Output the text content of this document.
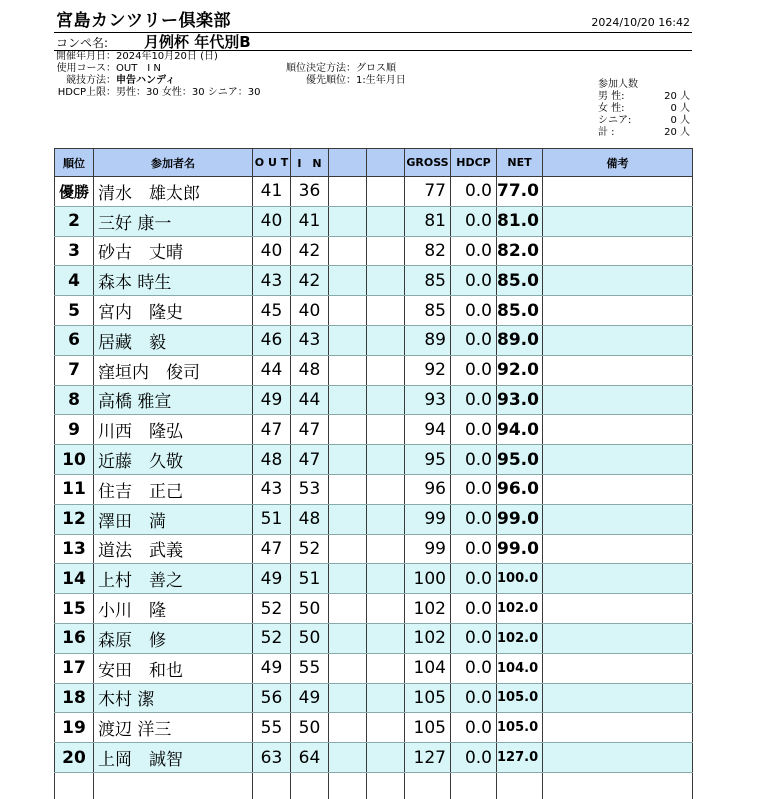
宮島カンツリー倶楽部	2024/10/20 16:42
コンペ名: 月例杯 年代別B
開催年月日：2024年10月20日 (日)
使用コース：OUT　I N
競技方法：申告ハンディ
HDCP上限：男性：30 女性：30 シニア：30
順位決定方法：グロス順
優先順位：1:生年月日	参加人数
男 性:	20 人
女 性:	0 人
シニア:	0 人
計 :	20 人
順位	参加者名	O U T	I　N			GROSS	HDCP	NET	備考
優勝	清水　雄太郎	41	36			77	0.0	77.0	
2	三好 康一	40	41			81	0.0	81.0	
3	砂古　丈晴	40	42			82	0.0	82.0	
4	森本 時生	43	42			85	0.0	85.0	
5	宮内　隆史	45	40			85	0.0	85.0	
6	居藏　毅	46	43			89	0.0	89.0	
7	窪垣内　俊司	44	48			92	0.0	92.0	
8	高橋 雅宣	49	44			93	0.0	93.0	
9	川西　隆弘	47	47			94	0.0	94.0	
10	近藤　久敬	48	47			95	0.0	95.0	
11	住吉　正己	43	53			96	0.0	96.0	
12	澤田　満	51	48			99	0.0	99.0	
13	道法　武義	47	52			99	0.0	99.0	
14	上村　善之	49	51			100	0.0	100.0	
15	小川　隆	52	50			102	0.0	102.0	
16	森原　修	52	50			102	0.0	102.0	
17	安田　和也	49	55			104	0.0	104.0	
18	木村 潔	56	49			105	0.0	105.0	
19	渡辺 洋三	55	50			105	0.0	105.0	
20	上岡　誠智	63	64			127	0.0	127.0	
